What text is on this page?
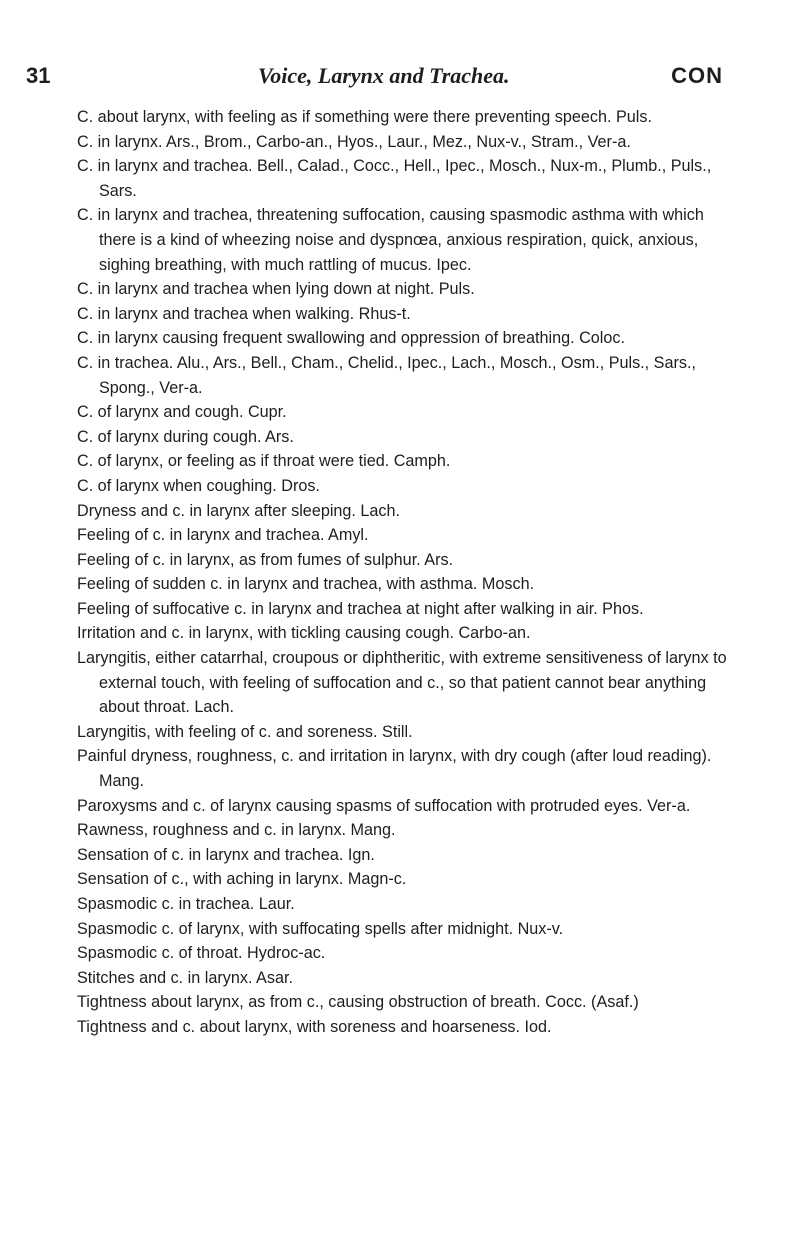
31	Voice, Larynx and Trachea.	CON
C. about larynx, with feeling as if something were there preventing speech. Puls.
C. in larynx. Ars., Brom., Carbo-an., Hyos., Laur., Mez., Nux-v., Stram., Ver-a.
C. in larynx and trachea. Bell., Calad., Cocc., Hell., Ipec., Mosch., Nux-m., Plumb., Puls., Sars.
C. in larynx and trachea, threatening suffocation, causing spasmodic asthma with which there is a kind of wheezing noise and dyspnœa, anxious respiration, quick, anxious, sighing breathing, with much rattling of mucus. Ipec.
C. in larynx and trachea when lying down at night. Puls.
C. in larynx and trachea when walking. Rhus-t.
C. in larynx causing frequent swallowing and oppression of breathing. Coloc.
C. in trachea. Alu., Ars., Bell., Cham., Chelid., Ipec., Lach., Mosch., Osm., Puls., Sars., Spong., Ver-a.
C. of larynx and cough. Cupr.
C. of larynx during cough. Ars.
C. of larynx, or feeling as if throat were tied. Camph.
C. of larynx when coughing. Dros.
Dryness and c. in larynx after sleeping. Lach.
Feeling of c. in larynx and trachea. Amyl.
Feeling of c. in larynx, as from fumes of sulphur. Ars.
Feeling of sudden c. in larynx and trachea, with asthma. Mosch.
Feeling of suffocative c. in larynx and trachea at night after walking in air. Phos.
Irritation and c. in larynx, with tickling causing cough. Carbo-an.
Laryngitis, either catarrhal, croupous or diphtheritic, with extreme sensitiveness of larynx to external touch, with feeling of suffocation and c., so that patient cannot bear anything about throat. Lach.
Laryngitis, with feeling of c. and soreness. Still.
Painful dryness, roughness, c. and irritation in larynx, with dry cough (after loud reading). Mang.
Paroxysms and c. of larynx causing spasms of suffocation with protruded eyes. Ver-a.
Rawness, roughness and c. in larynx. Mang.
Sensation of c. in larynx and trachea. Ign.
Sensation of c., with aching in larynx. Magn-c.
Spasmodic c. in trachea. Laur.
Spasmodic c. of larynx, with suffocating spells after midnight. Nux-v.
Spasmodic c. of throat. Hydroc-ac.
Stitches and c. in larynx. Asar.
Tightness about larynx, as from c., causing obstruction of breath. Cocc. (Asaf.)
Tightness and c. about larynx, with soreness and hoarseness. Iod.
